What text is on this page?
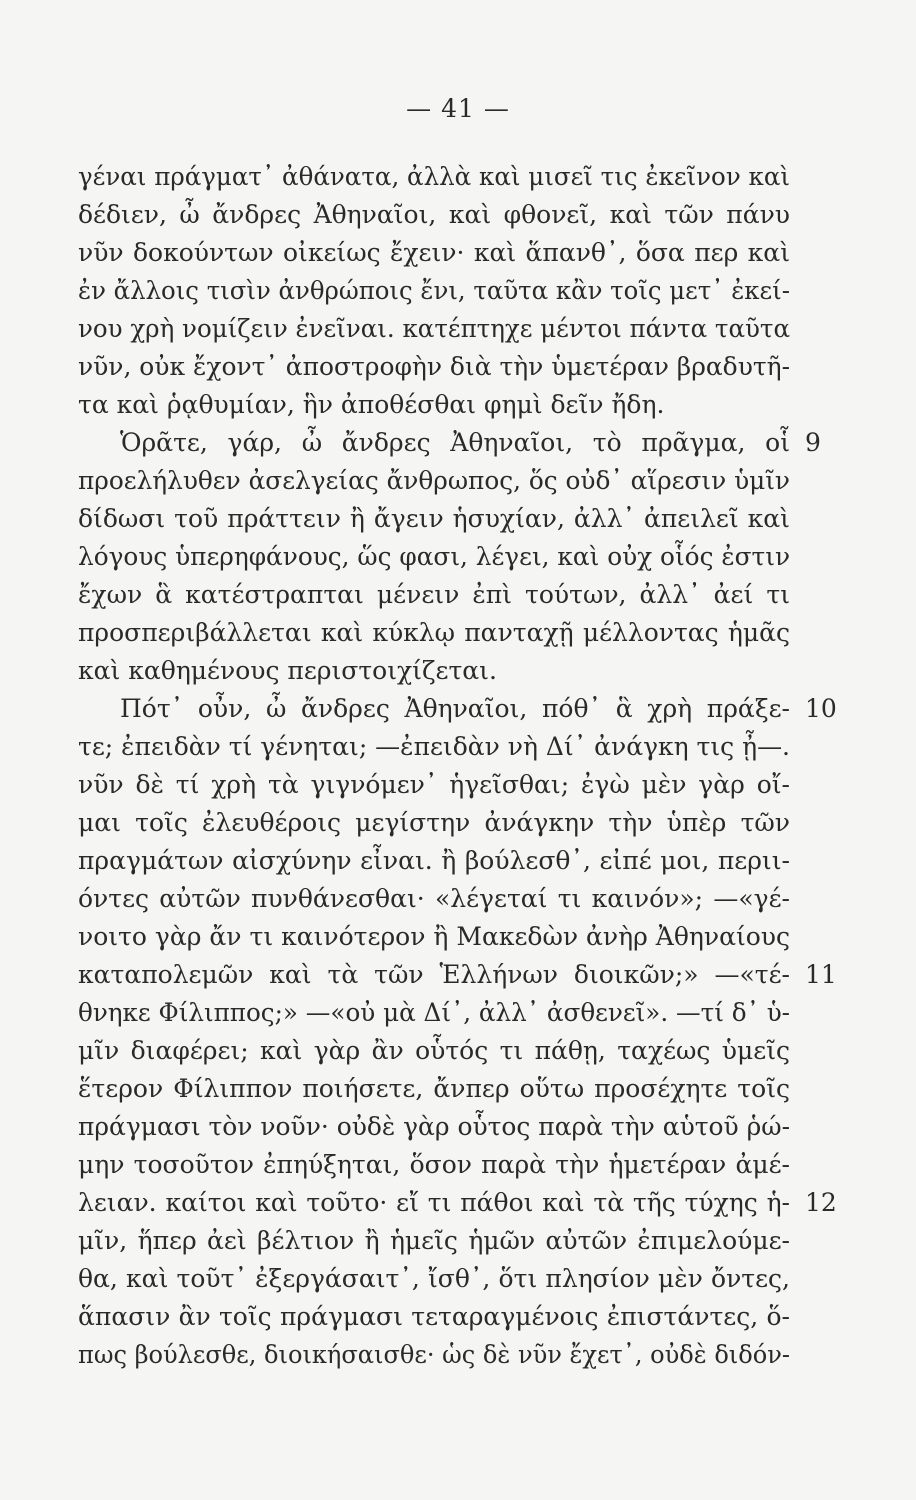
— 41 —
γέναι πράγματ᾽ ἀθάνατα, ἀλλὰ καὶ μισεῖ τις ἐκεῖνον καὶ
δέδιεν, ὦ ἄνδρες Ἀθηναῖοι, καὶ φθονεῖ, καὶ τῶν πάνυ
νῦν δοκούντων οἰκείως ἔχειν· καὶ ἅπανθ᾽, ὅσα περ καὶ
ἐν ἄλλοις τισὶν ἀνθρώποις ἔνι, ταῦτα κἂν τοῖς μετ᾽ ἐκεί-
νου χρὴ νομίζειν ἐνεῖναι. κατέπτηχε μέντοι πάντα ταῦτα
νῦν, οὐκ ἔχοντ᾽ ἀποστροφὴν διὰ τὴν ὑμετέραν βραδυτῆ-
τα καὶ ῥᾳθυμίαν, ἣν ἀποθέσθαι φημὶ δεῖν ἤδη.
Ὁρᾶτε, γάρ, ὦ ἄνδρες Ἀθηναῖοι, τὸ πρᾶγμα, οἷ 9
προελήλυθεν ἀσελγείας ἄνθρωπος, ὅς οὐδ᾽ αἵρεσιν ὑμῖν
δίδωσι τοῦ πράττειν ἢ ἄγειν ἡσυχίαν, ἀλλ᾽ ἀπειλεῖ καὶ
λόγους ὑπερηφάνους, ὥς φασι, λέγει, καὶ οὐχ οἷός ἐστιν
ἔχων ἃ κατέστραπται μένειν ἐπὶ τούτων, ἀλλ᾽ ἀεί τι
προσπεριβάλλεται καὶ κύκλῳ πανταχῇ μέλλοντας ἡμᾶς
καὶ καθημένους περιστοιχίζεται.
Πότ᾽ οὖν, ὦ ἄνδρες Ἀθηναῖοι, πόθ᾽ ἃ χρὴ πράξε- 10
τε; ἐπειδὰν τί γένηται; —ἐπειδὰν νὴ Δί᾽ ἀνάγκη τις ᾖ—.
νῦν δὲ τί χρὴ τὰ γιγνόμεν᾽ ἡγεῖσθαι; ἐγὼ μὲν γὰρ οἴ-
μαι τοῖς ἐλευθέροις μεγίστην ἀνάγκην τὴν ὑπὲρ τῶν
πραγμάτων αἰσχύνην εἶναι. ἢ βούλεσθ᾽, εἰπέ μοι, περιι-
όντες αὐτῶν πυνθάνεσθαι· «λέγεταί τι καινόν»; —«γέ-
νοιτο γὰρ ἄν τι καινότερον ἢ Μακεδὼν ἀνὴρ Ἀθηναίους
καταπολεμῶν καὶ τὰ τῶν Ἑλλήνων διοικῶν;» —«τέ- 11
θνηκε Φίλιππος;» —«οὐ μὰ Δί᾽, ἀλλ᾽ ἀσθενεῖ». —τί δ᾽ ὑ-
μῖν διαφέρει; καὶ γὰρ ἂν οὗτός τι πάθῃ, ταχέως ὑμεῖς
ἕτερον Φίλιππον ποιήσετε, ἄνπερ οὕτω προσέχητε τοῖς
πράγμασι τὸν νοῦν· οὐδὲ γὰρ οὗτος παρὰ τὴν αὑτοῦ ῥώ-
μην τοσοῦτον ἐπηύξηται, ὅσον παρὰ τὴν ἡμετέραν ἀμέ-
λειαν. καίτοι καὶ τοῦτο· εἴ τι πάθοι καὶ τὰ τῆς τύχης ἡ- 12
μῖν, ἥπερ ἀεὶ βέλτιον ἢ ἡμεῖς ἡμῶν αὐτῶν ἐπιμελούμε-
θα, καὶ τοῦτ᾽ ἐξεργάσαιτ᾽, ἴσθ᾽, ὅτι πλησίον μὲν ὄντες,
ἅπασιν ἂν τοῖς πράγμασι τεταραγμένοις ἐπιστάντες, ὅ-
πως βούλεσθε, διοικήσαισθε· ὡς δὲ νῦν ἔχετ᾽, οὐδὲ διδόν-
